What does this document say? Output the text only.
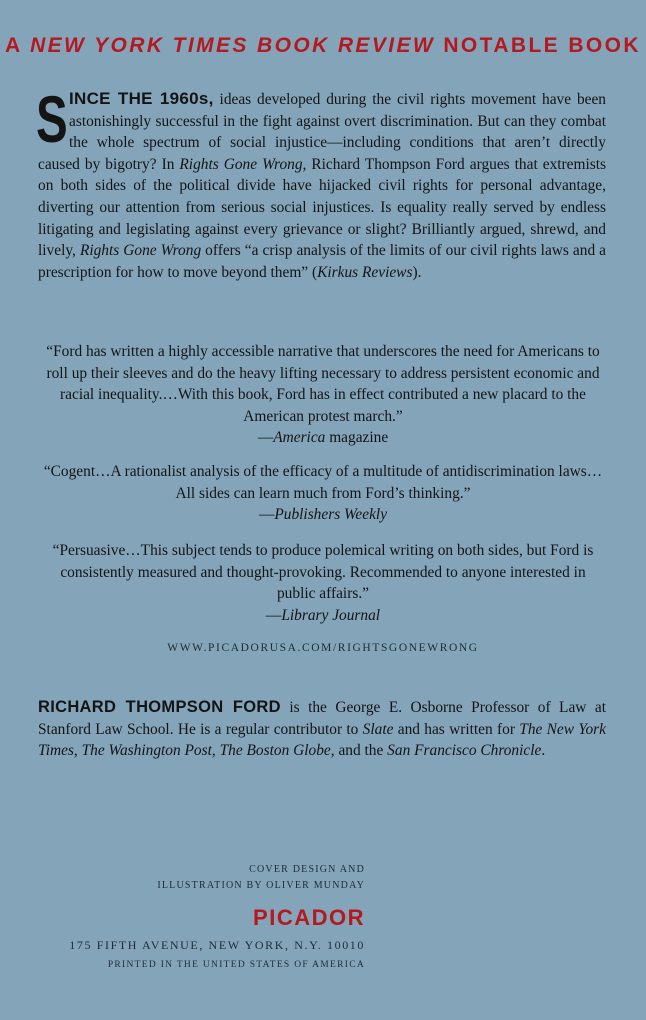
A NEW YORK TIMES BOOK REVIEW NOTABLE BOOK
SINCE THE 1960s, ideas developed during the civil rights movement have been astonishingly successful in the fight against overt discrimination. But can they combat the whole spectrum of social injustice—including conditions that aren’t directly caused by bigotry? In Rights Gone Wrong, Richard Thompson Ford argues that extremists on both sides of the political divide have hijacked civil rights for personal advantage, diverting our attention from serious social injustices. Is equality really served by endless litigating and legislating against every grievance or slight? Brilliantly argued, shrewd, and lively, Rights Gone Wrong offers “a crisp analysis of the limits of our civil rights laws and a prescription for how to move beyond them” (Kirkus Reviews).
“Ford has written a highly accessible narrative that underscores the need for Americans to roll up their sleeves and do the heavy lifting necessary to address persistent economic and racial inequality.…With this book, Ford has in effect contributed a new placard to the American protest march.”
—America magazine
“Cogent…A rationalist analysis of the efficacy of a multitude of antidiscrimination laws…All sides can learn much from Ford’s thinking.”
—Publishers Weekly
“Persuasive…This subject tends to produce polemical writing on both sides, but Ford is consistently measured and thought-provoking. Recommended to anyone interested in public affairs.”
—Library Journal
WWW.PICADORUSA.COM/RIGHTSGONEWRONG
RICHARD THOMPSON FORD is the George E. Osborne Professor of Law at Stanford Law School. He is a regular contributor to Slate and has written for The New York Times, The Washington Post, The Boston Globe, and the San Francisco Chronicle.
COVER DESIGN AND
ILLUSTRATION BY OLIVER MUNDAY
PICADOR
175 FIFTH AVENUE, NEW YORK, N.Y. 10010
PRINTED IN THE UNITED STATES OF AMERICA
